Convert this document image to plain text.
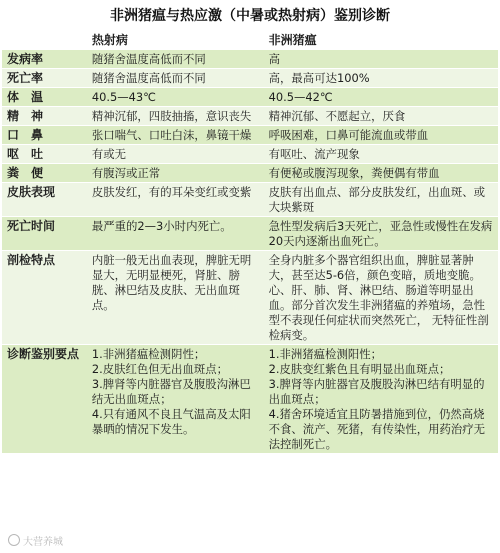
非洲猪瘟与热应激（中暑或热射病）鉴别诊断
	热射病	非洲猪瘟
发病率	随猪舍温度高低而不同	高
死亡率	随猪舍温度高低而不同	高，最高可达100%
体　温	40.5—43℃	40.5—42℃
精　神	精神沉郁，四肢抽搐，意识丧失	精神沉郁、不愿起立，厌食
口　鼻	张口喘气、口吐白沫，鼻镜干燥	呼吸困难，口鼻可能流血或带血
呕　吐	有或无	有呕吐、流产现象
粪　便	有腹泻或正常	有便秘或腹泻现象，粪便偶有带血
皮肤表现	皮肤发红，有的耳朵变红或变紫	皮肤有出血点、部分皮肤发红，出血斑、或大块紫斑
死亡时间	最严重的2—3小时内死亡。	急性型发病后3天死亡，亚急性或慢性在发病20天内逐渐出血死亡。
剖检特点	内脏一般无出血表现，脾脏无明显大，无明显梗死，肾脏、膀胱、淋巴结及皮肤、无出血斑点。	全身内脏多个器官组织出血，脾脏显著肿大，甚至达5-6倍，颜色变暗，质地变脆。心、肝、肺、肾、淋巴结、肠道等明显出血。部分首次发生非洲猪瘟的养殖场，急性型不表现任何症状而突然死亡， 无特征性剖检病变。
诊断鉴别要点	1.非洲猪瘟检测阴性；
2.皮肤红色但无出血斑点；
3.脾肾等内脏器官及腹股沟淋巴结无出血斑点；
4.只有通风不良且气温高及太阳暴晒的情况下发生。	1.非洲猪瘟检测阳性；
2.皮肤变红紫色且有明显出血斑点；
3.脾肾等内脏器官及腹股沟淋巴结有明显的出血斑点；
4.猪舍环境适宜且防暑措施到位，仍然高烧不食、流产、死猪，有传染性，用药治疗无法控制死亡。
大营养城
